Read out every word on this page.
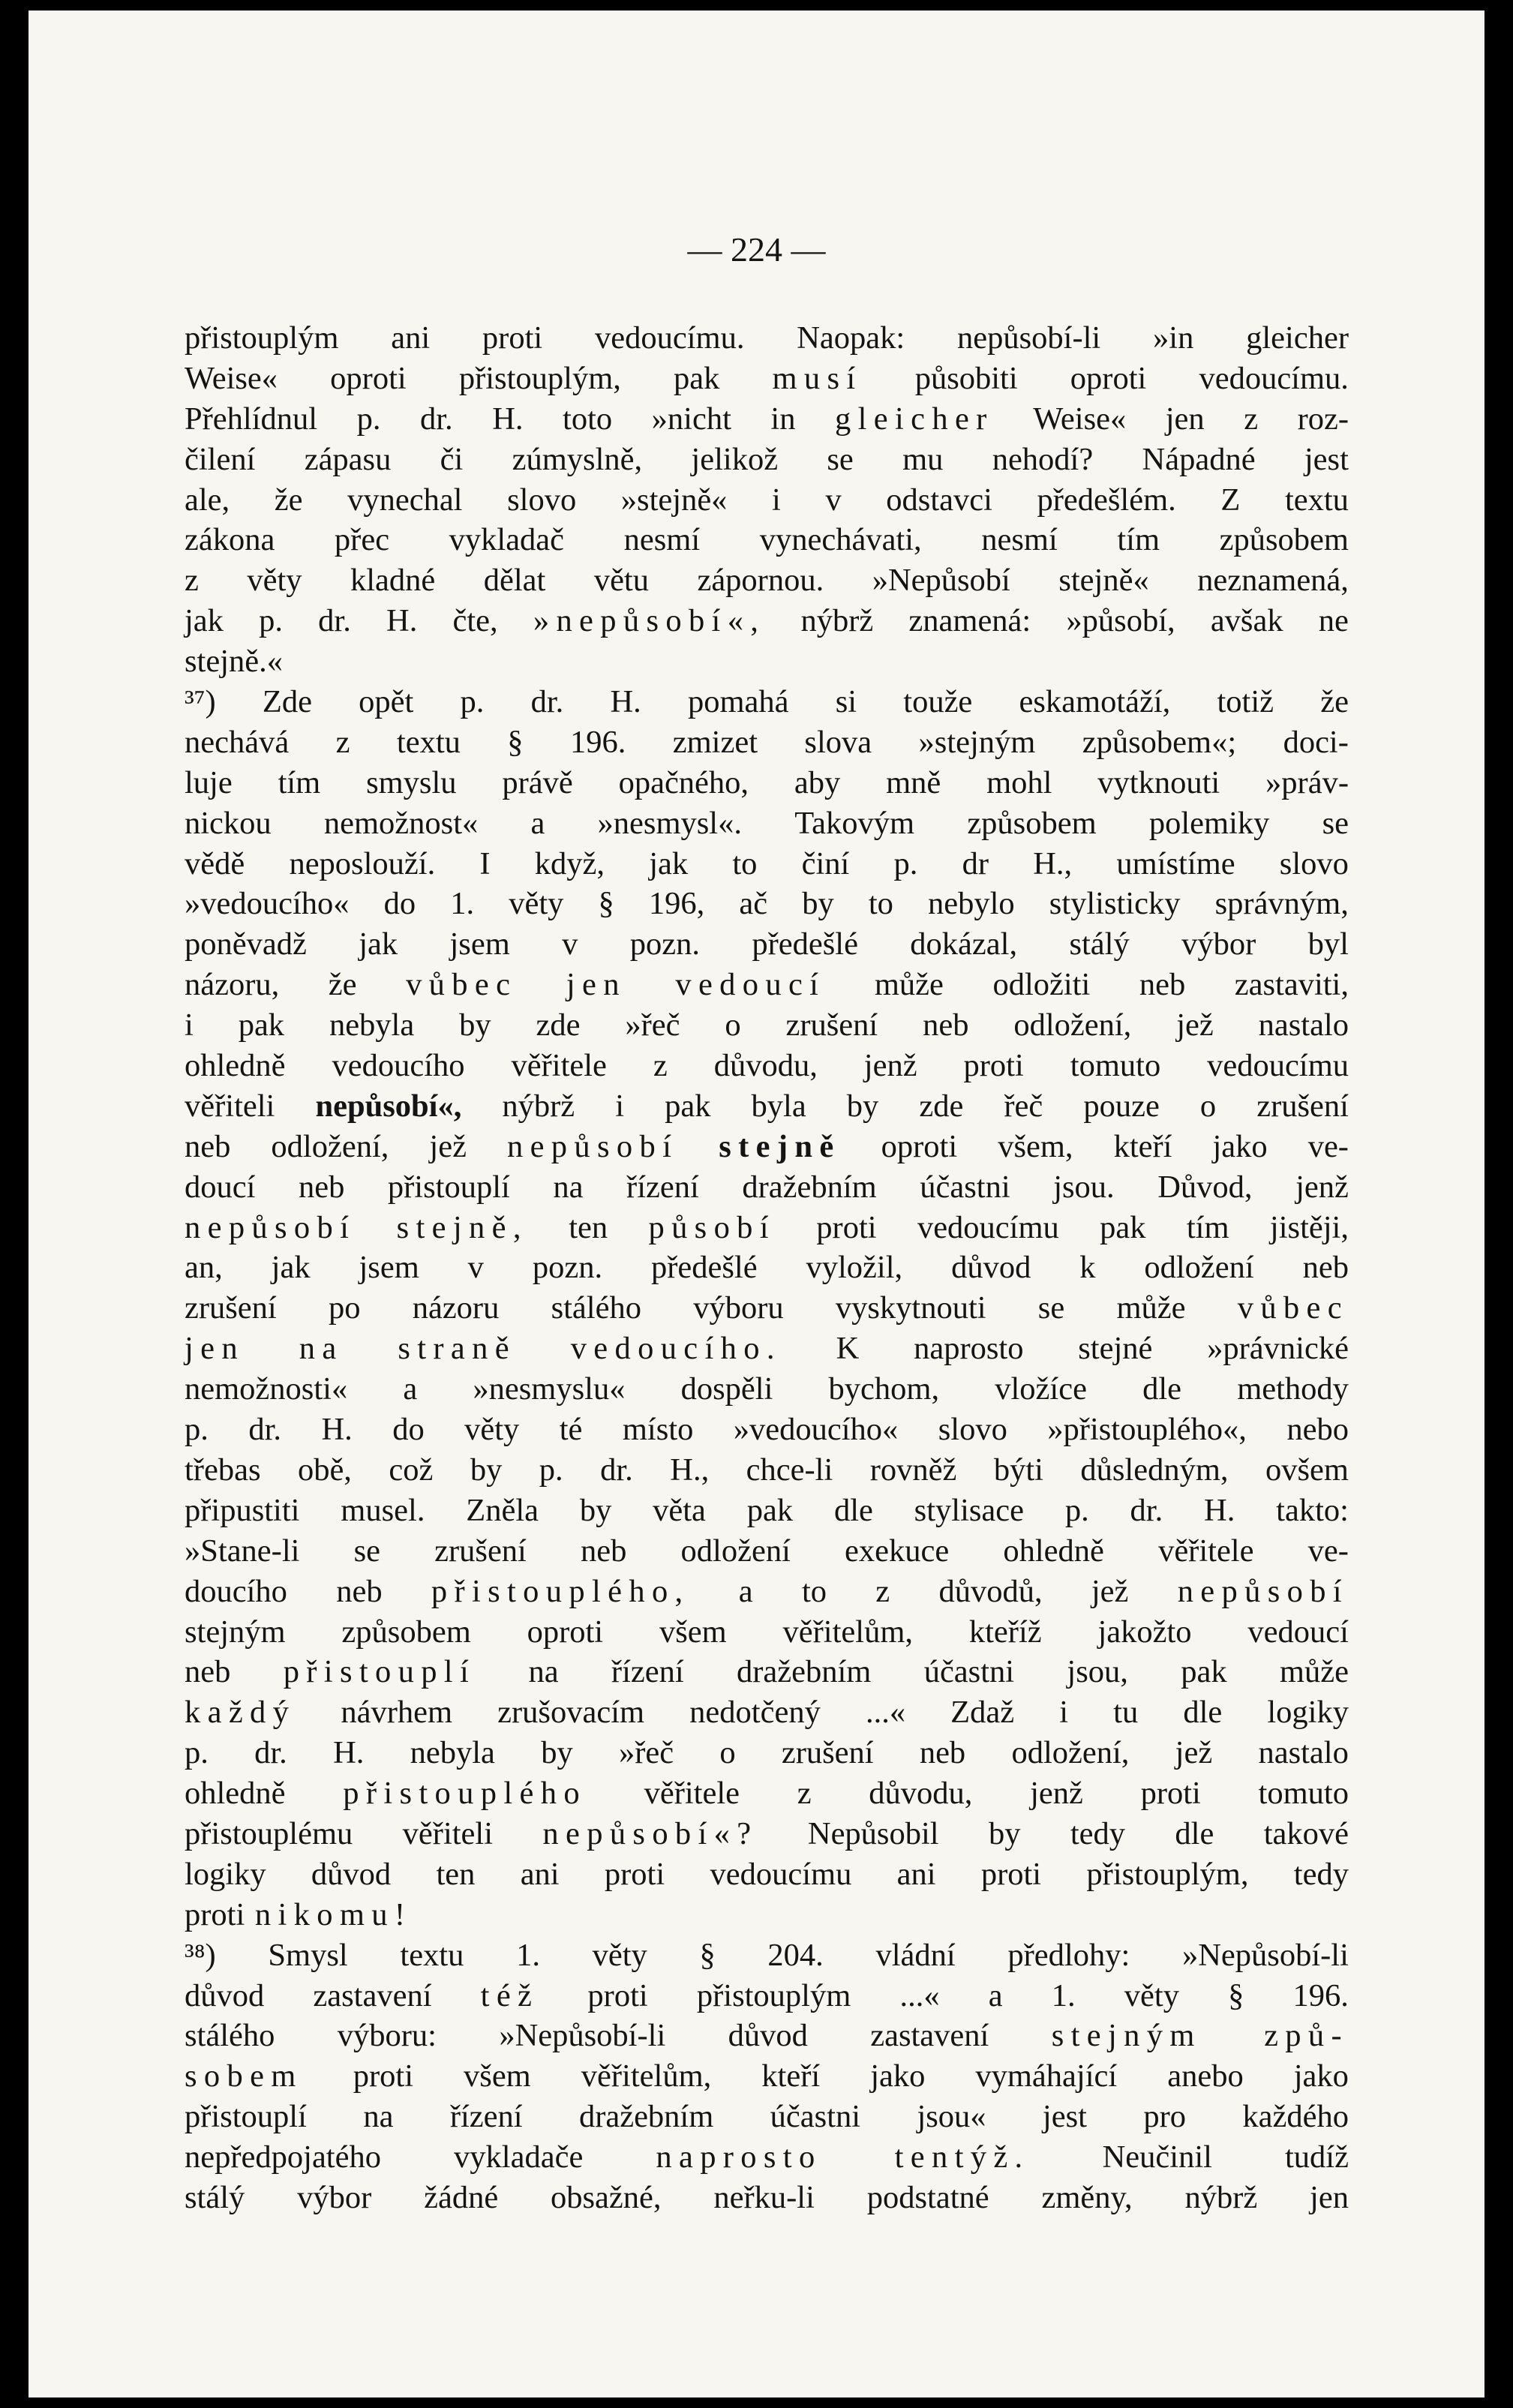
— 224 —
přistouplým ani proti vedoucímu. Naopak: nepůsobí-li »in gleicher
Weise« oproti přistouplým, pak musí působiti oproti vedoucímu.
Přehlídnul p. dr. H. toto »nicht in gleicher Weise« jen z roz-
čilení zápasu či zúmyslně, jelikož se mu nehodí? Nápadné jest
ale, že vynechal slovo »stejně« i v odstavci předešlém. Z textu
zákona přec vykladač nesmí vynechávati, nesmí tím způsobem
z věty kladné dělat větu zápornou. »Nepůsobí stejně« neznamená,
jak p. dr. H. čte, »nepůsobí«, nýbrž znamená: »působí, avšak ne
stejně.«
³⁷) Zde opět p. dr. H. pomahá si touže eskamotáží, totiž že
nechává z textu § 196. zmizet slova »stejným způsobem«; doci-
luje tím smyslu právě opačného, aby mně mohl vytknouti »práv-
nickou nemožnost« a »nesmysl«. Takovým způsobem polemiky se
vědě neposlouží. I když, jak to činí p. dr H., umístíme slovo
»vedoucího« do 1. věty § 196, ač by to nebylo stylisticky správným,
poněvadž jak jsem v pozn. předešlé dokázal, stálý výbor byl
názoru, že vůbec jen vedoucí může odložiti neb zastaviti,
i pak nebyla by zde »řeč o zrušení neb odložení, jež nastalo
ohledně vedoucího věřitele z důvodu, jenž proti tomuto vedoucímu
věřiteli nepůsobí«, nýbrž i pak byla by zde řeč pouze o zrušení
neb odložení, jež nepůsobí stejně oproti všem, kteří jako ve-
doucí neb přistouplí na řízení dražebním účastni jsou. Důvod, jenž
nepůsobí stejně, ten působí proti vedoucímu pak tím jistěji,
an, jak jsem v pozn. předešlé vyložil, důvod k odložení neb
zrušení po názoru stálého výboru vyskytnouti se může vůbec
jen na straně vedoucího. K naprosto stejné »právnické
nemožnosti« a »nesmyslu« dospěli bychom, vložíce dle methody
p. dr. H. do věty té místo »vedoucího« slovo »přistouplého«, nebo
třebas obě, což by p. dr. H., chce-li rovněž býti důsledným, ovšem
připustiti musel. Zněla by věta pak dle stylisace p. dr. H. takto:
»Stane-li se zrušení neb odložení exekuce ohledně věřitele ve-
doucího neb přistouplého, a to z důvodů, jež nepůsobí
stejným způsobem oproti všem věřitelům, kteříž jakožto vedoucí
neb přistouplí na řízení dražebním účastni jsou, pak může
každý návrhem zrušovacím nedotčený ...« Zdaž i tu dle logiky
p. dr. H. nebyla by »řeč o zrušení neb odložení, jež nastalo
ohledně přistouplého věřitele z důvodu, jenž proti tomuto
přistouplému věřiteli nepůsobí«? Nepůsobil by tedy dle takové
logiky důvod ten ani proti vedoucímu ani proti přistouplým, tedy
proti nikomu!
³⁸) Smysl textu 1. věty § 204. vládní předlohy: »Nepůsobí-li
důvod zastavení též proti přistouplým ...« a 1. věty § 196.
stálého výboru: »Nepůsobí-li důvod zastavení stejným způ-
sobem proti všem věřitelům, kteří jako vymáhající anebo jako
přistouplí na řízení dražebním účastni jsou« jest pro každého
nepředpojatého vykladače naprosto tentýž. Neučinil tudíž
stálý výbor žádné obsažné, neřku-li podstatné změny, nýbrž jen
